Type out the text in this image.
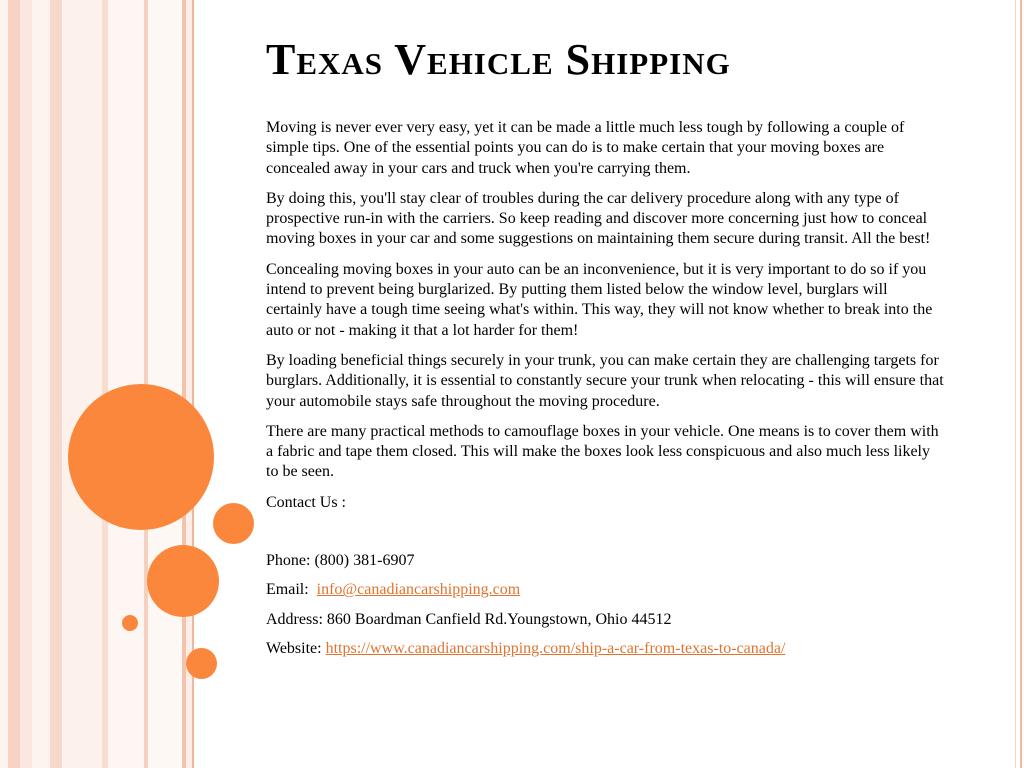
Texas Vehicle Shipping

Moving is never ever very easy, yet it can be made a little much less tough by following a couple of simple tips. One of the essential points you can do is to make certain that your moving boxes are concealed away in your cars and truck when you're carrying them.

By doing this, you'll stay clear of troubles during the car delivery procedure along with any type of prospective run-in with the carriers. So keep reading and discover more concerning just how to conceal moving boxes in your car and some suggestions on maintaining them secure during transit. All the best!

Concealing moving boxes in your auto can be an inconvenience, but it is very important to do so if you intend to prevent being burglarized. By putting them listed below the window level, burglars will certainly have a tough time seeing what's within. This way, they will not know whether to break into the auto or not - making it that a lot harder for them!

By loading beneficial things securely in your trunk, you can make certain they are challenging targets for burglars. Additionally, it is essential to constantly secure your trunk when relocating - this will ensure that your automobile stays safe throughout the moving procedure.

There are many practical methods to camouflage boxes in your vehicle. One means is to cover them with a fabric and tape them closed. This will make the boxes look less conspicuous and also much less likely to be seen.

Contact Us :

Phone: (800) 381-6907

Email:  info@canadiancarshipping.com

Address: 860 Boardman Canfield Rd.Youngstown, Ohio 44512

Website: https://www.canadiancarshipping.com/ship-a-car-from-texas-to-canada/
